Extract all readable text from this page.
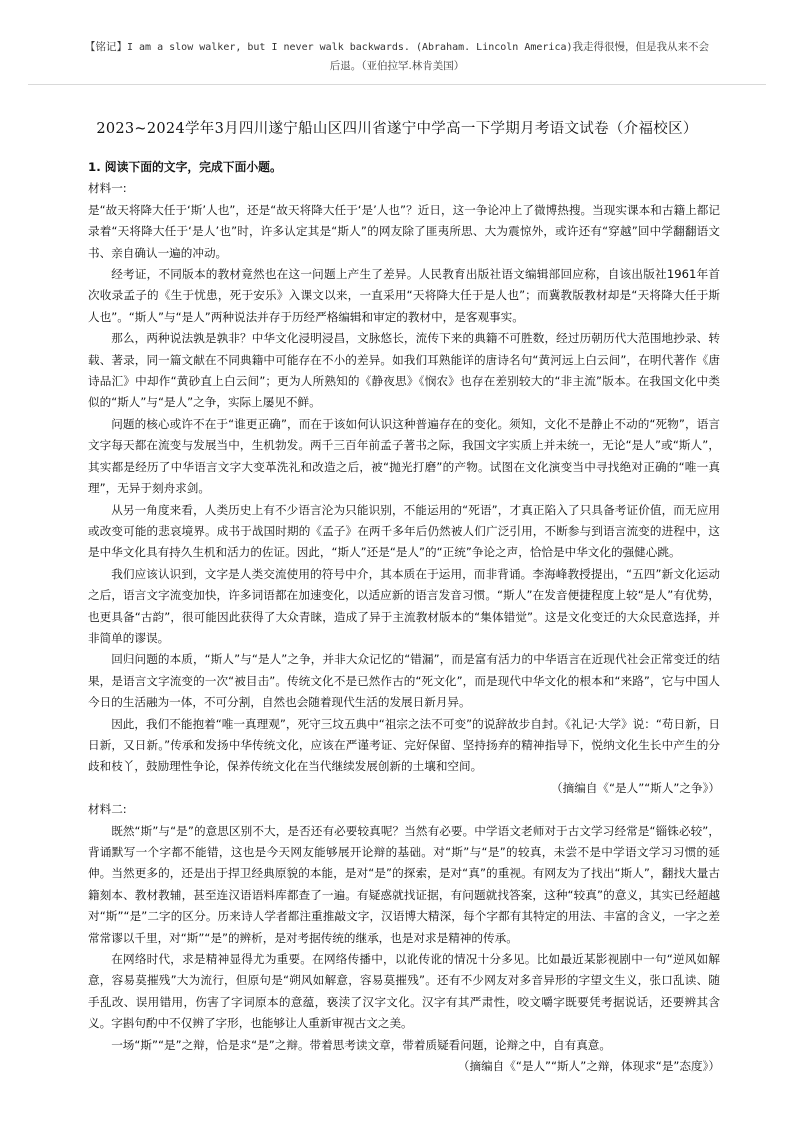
【铭记】I am a slow walker, but I never walk backwards. (Abraham. Lincoln America)我走得很慢，但是我从来不会
后退。（亚伯拉罕.林肯美国）
2023~2024学年3月四川遂宁船山区四川省遂宁中学高一下学期月考语文试卷（介福校区）

1. 阅读下面的文字，完成下面小题。

材料一:

是“故天将降大任于‘斯’人也”，还是“故天将降大任于‘是’人也”？近日，这一争论冲上了微博热搜。当现实课本和古籍上都记录着“天将降大任于‘是人’也”时，许多认定其是“斯人”的网友除了匪夷所思、大为震惊外，或许还有“穿越”回中学翻翻语文书、亲自确认一遍的冲动。

经考证，不同版本的教材竟然也在这一问题上产生了差异。人民教育出版社语文编辑部回应称，自该出版社1961年首次收录孟子的《生于忧患，死于安乐》入课文以来，一直采用“天将降大任于是人也”；而冀教版教材却是“天将降大任于斯人也”。“斯人”与“是人”两种说法并存于历经严格编辑和审定的教材中，是客观事实。

那么，两种说法孰是孰非？中华文化浸明浸昌，文脉悠长，流传下来的典籍不可胜数，经过历朝历代大范围地抄录、转载、著录，同一篇文献在不同典籍中可能存在不小的差异。如我们耳熟能详的唐诗名句“黄河远上白云间”，在明代著作《唐诗品汇》中却作“黄砂直上白云间”；更为人所熟知的《静夜思》《悯农》也存在差别较大的“非主流”版本。在我国文化中类似的“斯人”与“是人”之争，实际上屡见不鲜。

问题的核心或许不在于“谁更正确”，而在于该如何认识这种普遍存在的变化。须知，文化不是静止不动的“死物”，语言文字每天都在流变与发展当中，生机勃发。两千三百年前孟子著书之际，我国文字实质上并未统一，无论“是人”或“斯人”，其实都是经历了中华语言文字大变革洗礼和改造之后，被“抛光打磨”的产物。试图在文化演变当中寻找绝对正确的“唯一真理”，无异于刻舟求剑。

从另一角度来看，人类历史上有不少语言沦为只能识别，不能运用的“死语”，才真正陷入了只具备考证价值，而无应用或改变可能的悲哀境界。成书于战国时期的《孟子》在两千多年后仍然被人们广泛引用，不断参与到语言流变的进程中，这是中华文化具有持久生机和活力的佐证。因此，“斯人”还是“是人”的“正统”争论之声，恰恰是中华文化的强健心跳。

我们应该认识到，文字是人类交流使用的符号中介，其本质在于运用，而非背诵。李海峰教授提出，“五四”新文化运动之后，语言文字流变加快，许多词语都在加速变化，以适应新的语言发音习惯。“斯人”在发音便捷程度上较“是人”有优势，也更具备“古韵”，很可能因此获得了大众青睐，造成了异于主流教材版本的“集体错觉”。这是文化变迁的大众民意选择，并非简单的谬误。

回归问题的本质，“斯人”与“是人”之争，并非大众记忆的“错漏”，而是富有活力的中华语言在近现代社会正常变迁的结果，是语言文字流变的一次“被目击”。传统文化不是已然作古的“死文化”，而是现代中华文化的根本和“来路”，它与中国人今日的生活融为一体，不可分割，自然也会随着现代生活的发展日新月异。

因此，我们不能抱着“唯一真理观”，死守三坟五典中“祖宗之法不可变”的说辞故步自封。《礼记·大学》说：“苟日新，日日新，又日新。”传承和发扬中华传统文化，应该在严谨考证、完好保留、坚持扬弃的精神指导下，悦纳文化生长中产生的分歧和枝丫，鼓励理性争论，保养传统文化在当代继续发展创新的土壤和空间。

（摘编自《“是人”“斯人”之争》）

材料二:

既然“斯”与“是”的意思区别不大，是否还有必要较真呢？当然有必要。中学语文老师对于古文学习经常是“锱铢必较”，背诵默写一个字都不能错，这也是今天网友能够展开论辩的基础。对“斯”与“是”的较真，未尝不是中学语文学习习惯的延伸。当然更多的，还是出于捍卫经典原貌的本能，是对“是”的探索，是对“真”的重视。有网友为了找出“斯人”，翻找大量古籍刻本、教材教辅，甚至连汉语语料库都查了一遍。有疑惑就找证据，有问题就找答案，这种“较真”的意义，其实已经超越对“斯”“是”二字的区分。历来诗人学者都注重推敲文字，汉语博大精深，每个字都有其特定的用法、丰富的含义，一字之差常常谬以千里，对“斯”“是”的辨析，是对考据传统的继承，也是对求是精神的传承。

在网络时代，求是精神显得尤为重要。在网络传播中，以讹传讹的情况十分多见。比如最近某影视剧中一句“逆风如解意，容易莫摧残”大为流行，但原句是“朔风如解意，容易莫摧残”。还有不少网友对多音异形的字望文生义，张口乱读、随手乱改、误用错用，伤害了字词原本的意蕴，亵渎了汉字文化。汉字有其严肃性，咬文嚼字既要凭考据说话，还要辨其含义。字斟句酌中不仅辨了字形，也能够让人重新审视古文之美。

一场“斯”“是”之辩，恰是求“是”之辩。带着思考读文章，带着质疑看问题，论辩之中，自有真意。

（摘编自《“是人”“斯人”之辩，体现求“是”态度》）
